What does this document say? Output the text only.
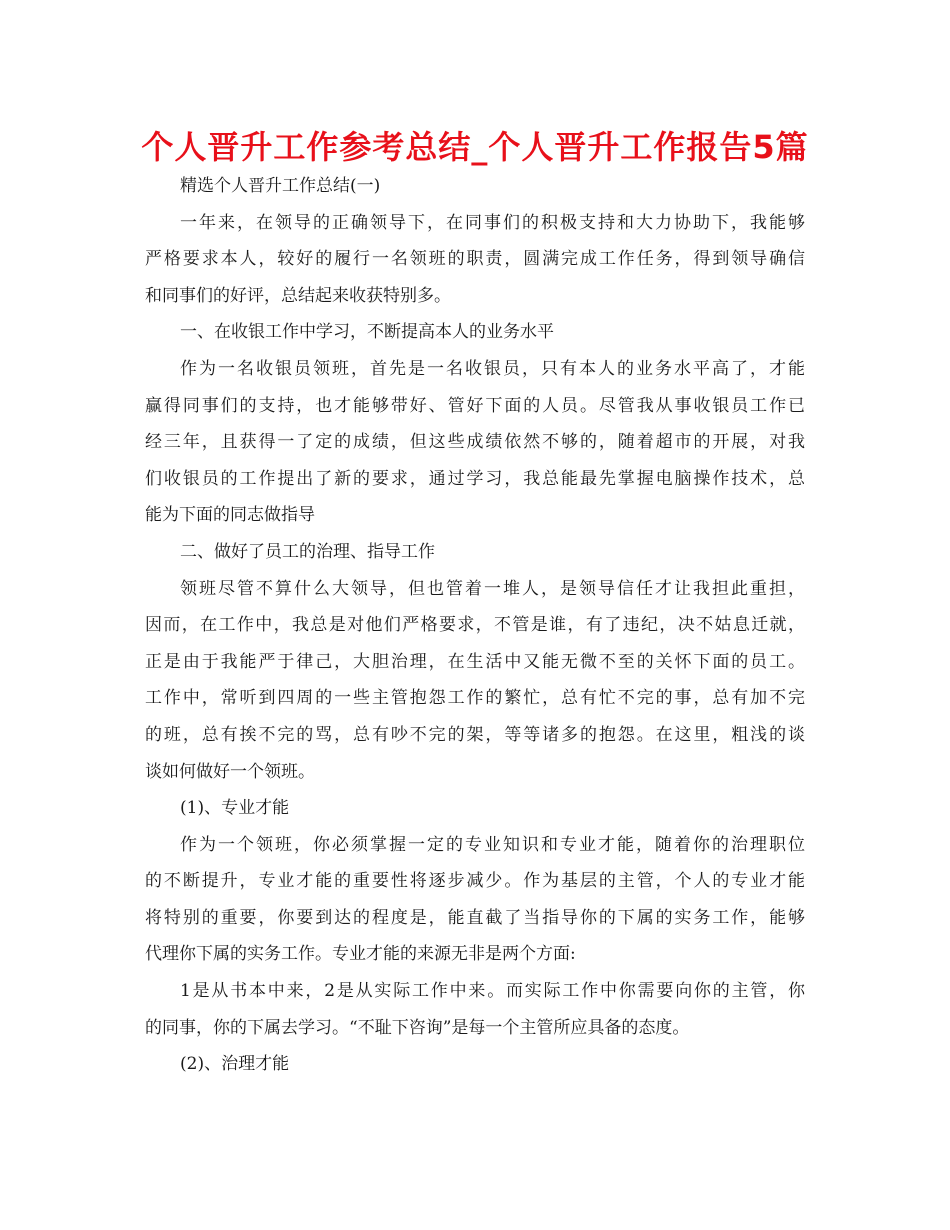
个人晋升工作参考总结_个人晋升工作报告5篇
精选个人晋升工作总结(一)
一年来，在领导的正确领导下，在同事们的积极支持和大力协助下，我能够
严格要求本人，较好的履行一名领班的职责，圆满完成工作任务，得到领导确信
和同事们的好评，总结起来收获特别多。
一、在收银工作中学习，不断提高本人的业务水平
作为一名收银员领班，首先是一名收银员，只有本人的业务水平高了，才能
赢得同事们的支持，也才能够带好、管好下面的人员。尽管我从事收银员工作已
经三年，且获得一了定的成绩，但这些成绩依然不够的，随着超市的开展，对我
们收银员的工作提出了新的要求，通过学习，我总能最先掌握电脑操作技术，总
能为下面的同志做指导
二、做好了员工的治理、指导工作
领班尽管不算什么大领导，但也管着一堆人，是领导信任才让我担此重担，
因而，在工作中，我总是对他们严格要求，不管是谁，有了违纪，决不姑息迁就，
正是由于我能严于律己，大胆治理，在生活中又能无微不至的关怀下面的员工。
工作中，常听到四周的一些主管抱怨工作的繁忙，总有忙不完的事，总有加不完
的班，总有挨不完的骂，总有吵不完的架，等等诸多的抱怨。在这里，粗浅的谈
谈如何做好一个领班。
(1)、专业才能
作为一个领班，你必须掌握一定的专业知识和专业才能，随着你的治理职位
的不断提升，专业才能的重要性将逐步减少。作为基层的主管，个人的专业才能
将特别的重要，你要到达的程度是，能直截了当指导你的下属的实务工作，能够
代理你下属的实务工作。专业才能的来源无非是两个方面:
1是从书本中来，2是从实际工作中来。而实际工作中你需要向你的主管，你
的同事，你的下属去学习。“不耻下咨询”是每一个主管所应具备的态度。
(2)、治理才能
